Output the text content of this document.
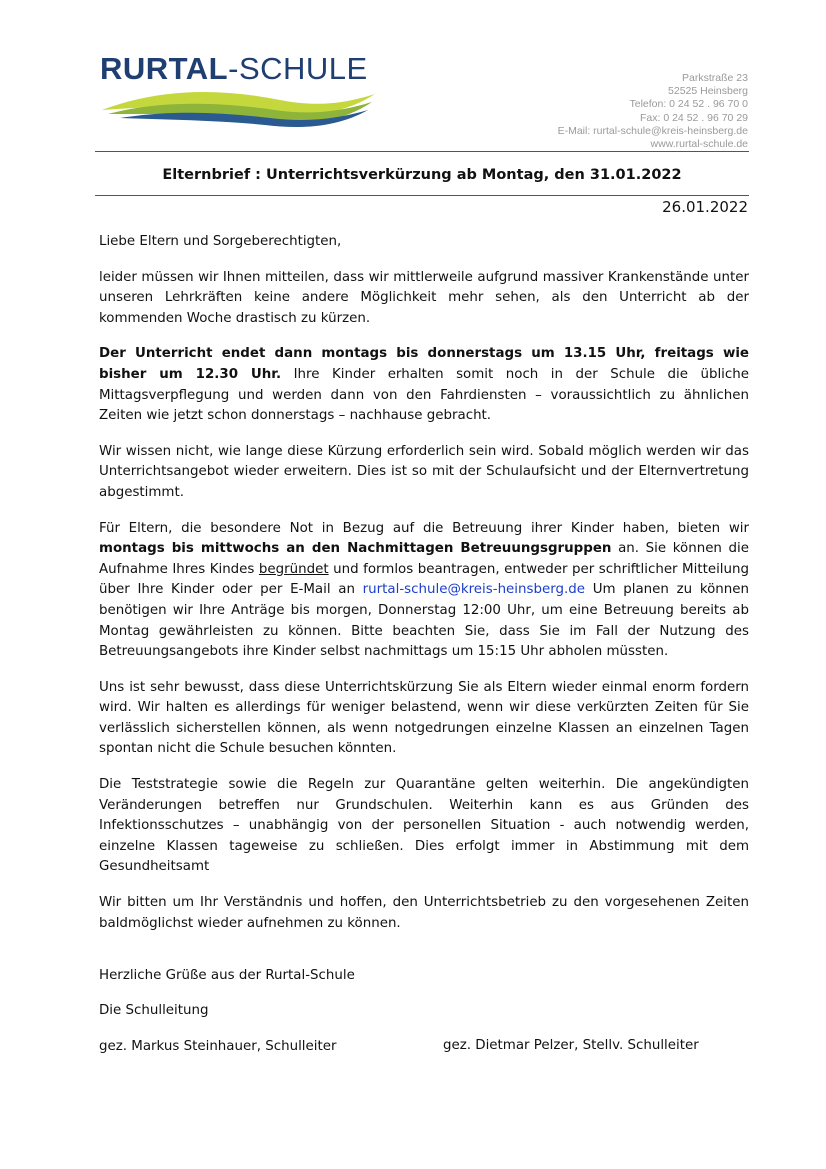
RURTAL-SCHULE	Parkstraße 23
52525 Heinsberg
Telefon: 0 24 52 . 96 70 0
Fax: 0 24 52 . 96 70 29
E-Mail: rurtal-schule@kreis-heinsberg.de
www.rurtal-schule.de
Elternbrief : Unterrichtsverkürzung ab Montag, den 31.01.2022
26.01.2022

Liebe Eltern und Sorgeberechtigten,

leider müssen wir Ihnen mitteilen, dass wir mittlerweile aufgrund massiver Krankenstände unter unseren Lehrkräften keine andere Möglichkeit mehr sehen, als den Unterricht ab der kommenden Woche drastisch zu kürzen.

Der Unterricht endet dann montags bis donnerstags um 13.15 Uhr, freitags wie bisher um 12.30 Uhr. Ihre Kinder erhalten somit noch in der Schule die übliche Mittagsverpflegung und werden dann von den Fahrdiensten – voraussichtlich zu ähnlichen Zeiten wie jetzt schon donnerstags – nachhause gebracht.

Wir wissen nicht, wie lange diese Kürzung erforderlich sein wird. Sobald möglich werden wir das Unterrichtsangebot wieder erweitern. Dies ist so mit der Schulaufsicht und der Elternvertretung abgestimmt.

Für Eltern, die besondere Not in Bezug auf die Betreuung ihrer Kinder haben, bieten wir montags bis mittwochs an den Nachmittagen Betreuungsgruppen an. Sie können die Aufnahme Ihres Kindes begründet und formlos beantragen, entweder per schriftlicher Mitteilung über Ihre Kinder oder per E-Mail an rurtal-schule@kreis-heinsberg.de Um planen zu können benötigen wir Ihre Anträge bis morgen, Donnerstag 12:00 Uhr, um eine Betreuung bereits ab Montag gewährleisten zu können. Bitte beachten Sie, dass Sie im Fall der Nutzung des Betreuungsangebots ihre Kinder selbst nachmittags um 15:15 Uhr abholen müssten.

Uns ist sehr bewusst, dass diese Unterrichtskürzung Sie als Eltern wieder einmal enorm fordern wird. Wir halten es allerdings für weniger belastend, wenn wir diese verkürzten Zeiten für Sie verlässlich sicherstellen können, als wenn notgedrungen einzelne Klassen an einzelnen Tagen spontan nicht die Schule besuchen könnten.

Die Teststrategie sowie die Regeln zur Quarantäne gelten weiterhin. Die angekündigten Veränderungen betreffen nur Grundschulen. Weiterhin kann es aus Gründen des Infektionsschutzes – unabhängig von der personellen Situation - auch notwendig werden, einzelne Klassen tageweise zu schließen. Dies erfolgt immer in Abstimmung mit dem Gesundheitsamt

Wir bitten um Ihr Verständnis und hoffen, den Unterrichtsbetrieb zu den vorgesehenen Zeiten baldmöglichst wieder aufnehmen zu können.

Herzliche Grüße aus der Rurtal-Schule
Die Schulleitung
gez. Markus Steinhauer, Schulleiter	gez. Dietmar Pelzer, Stellv. Schulleiter
